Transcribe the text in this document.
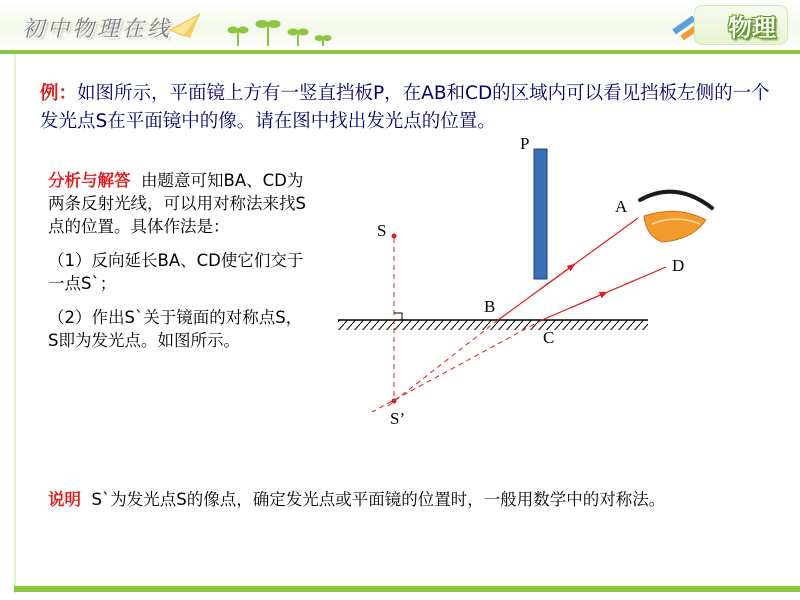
初中物理在线	物理
例：如图所示，平面镜上方有一竖直挡板P，在AB和CD的区域内可以看见挡板左侧的一个发光点S在平面镜中的像。请在图中找出发光点的位置。

分析与解答 由题意可知BA、CD为两条反射光线，可以用对称法来找S点的位置。具体作法是：

（1）反向延长BA、CD使它们交于一点S`；

（2）作出S`关于镜面的对称点S，S即为发光点。如图所示。

说明 S`为发光点S的像点，确定发光点或平面镜的位置时，一般用数学中的对称法。
P
A
D
B
C
S
S’
